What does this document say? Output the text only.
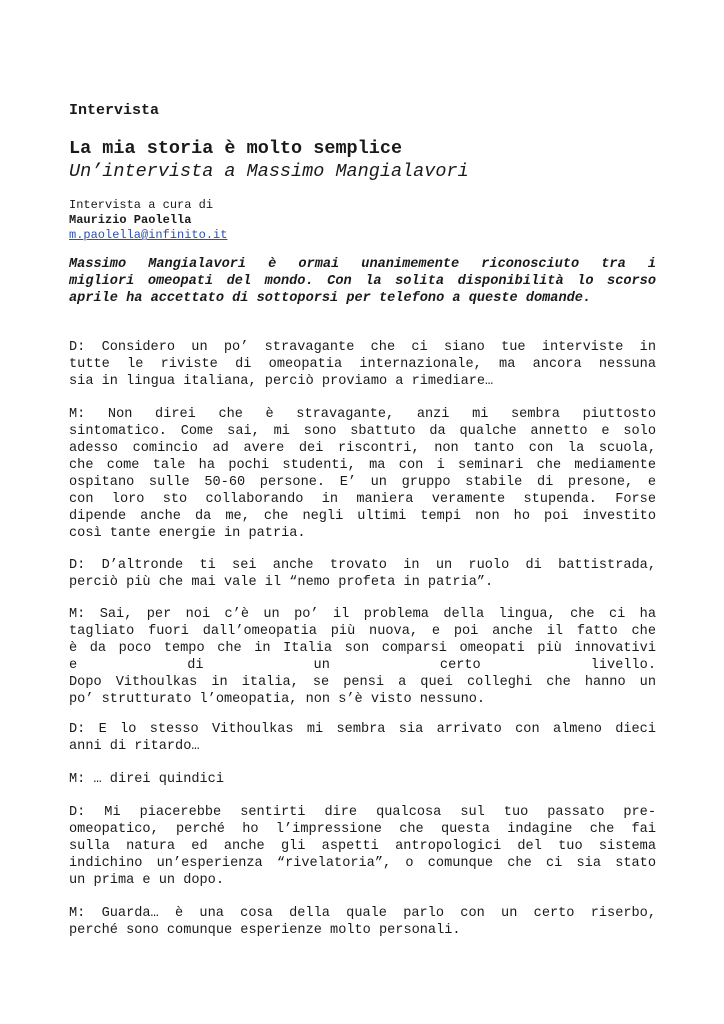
Intervista
La mia storia è molto semplice
Un’intervista a Massimo Mangialavori
Intervista a cura di
Maurizio Paolella
m.paolella@infinito.it
Massimo Mangialavori è ormai unanimemente riconosciuto tra i
migliori omeopati del mondo. Con la solita disponibilità lo scorso
aprile ha accettato di sottoporsi per telefono a queste domande.
D: Considero un po’ stravagante che ci siano tue interviste in
tutte le riviste di omeopatia internazionale, ma ancora nessuna
sia in lingua italiana, perciò proviamo a rimediare…
M: Non direi che è stravagante, anzi mi sembra piuttosto
sintomatico. Come sai, mi sono sbattuto da qualche annetto e solo
adesso comincio ad avere dei riscontri, non tanto con la scuola,
che come tale ha pochi studenti, ma con i seminari che mediamente
ospitano sulle 50-60 persone. E’ un gruppo stabile di presone, e
con loro sto collaborando in maniera veramente stupenda. Forse
dipende anche da me, che negli ultimi tempi non ho poi investito
così tante energie in patria.
D: D’altronde ti sei anche trovato in un ruolo di battistrada,
perciò più che mai vale il “nemo profeta in patria”.
M: Sai, per noi c’è un po’ il problema della lingua, che ci ha
tagliato fuori dall’omeopatia più nuova, e poi anche il fatto che
è da poco tempo che in Italia son comparsi omeopati più innovativi
e di un certo livello.
Dopo Vithoulkas in italia, se pensi a quei colleghi che hanno un
po’ strutturato l’omeopatia, non s’è visto nessuno.
D: E lo stesso Vithoulkas mi sembra sia arrivato con almeno dieci
anni di ritardo…
M: … direi quindici
D: Mi piacerebbe sentirti dire qualcosa sul tuo passato pre-
omeopatico, perché ho l’impressione che questa indagine che fai
sulla natura ed anche gli aspetti antropologici del tuo sistema
indichino un’esperienza “rivelatoria”, o comunque che ci sia stato
un prima e un dopo.
M: Guarda… è una cosa della quale parlo con un certo riserbo,
perché sono comunque esperienze molto personali.
